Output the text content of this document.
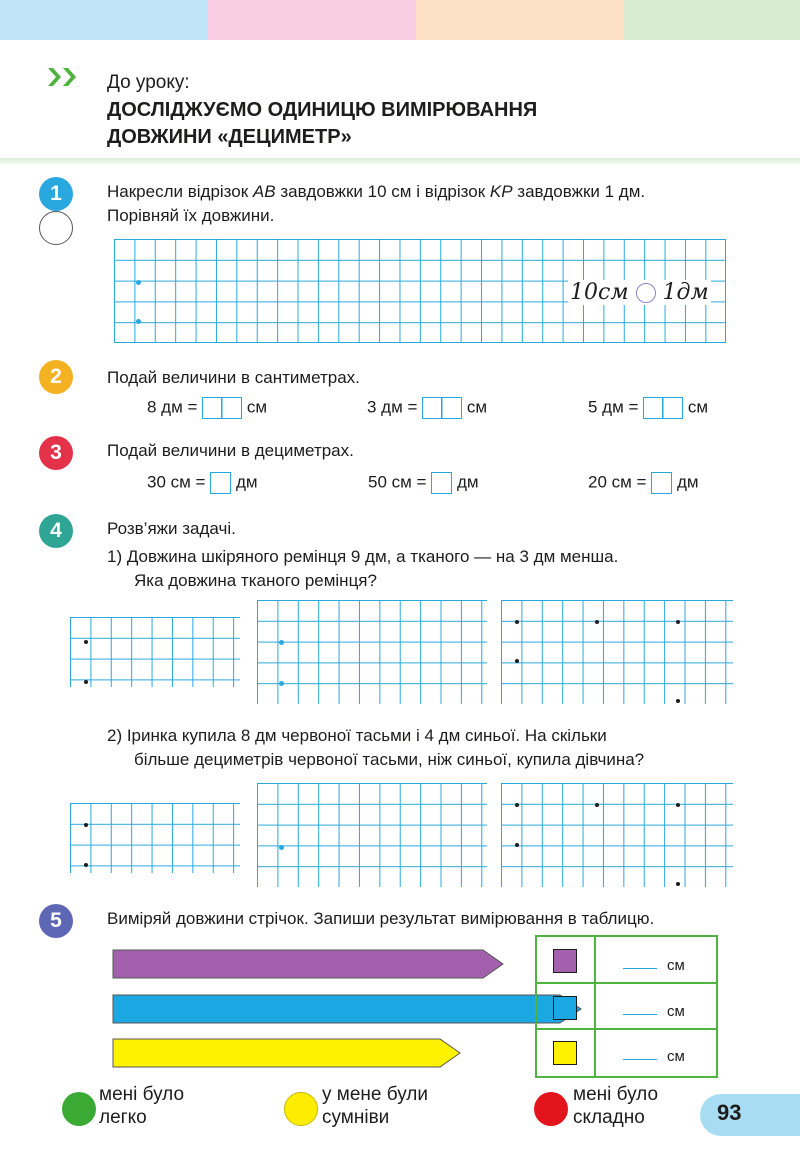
До уроку:
ДОСЛІДЖУЄМО ОДИНИЦЮ ВИМІРЮВАННЯ
ДОВЖИНИ «ДЕЦИМЕТР»
1	Накресли відрізок AB завдовжки 10 см і відрізок KP завдовжки 1 дм.
Порівняй їх довжини.
10см 1дм
2	Подай величини в сантиметрах.
8 дм =	см	3 дм =	см	5 дм =	см
3	Подай величини в дециметрах.
30 см =  дм	50 см =  дм	20 см =  дм
4	Розв’яжи задачі.
1) Довжина шкіряного ремінця 9 дм, а тканого — на 3 дм менша.
Яка довжина тканого ремінця?
2) Іринка купила 8 дм червоної тасьми і 4 дм синьої. На скільки
більше дециметрів червоної тасьми, ніж синьої, купила дівчина?
5	Виміряй довжини стрічок. Запиши результат вимірювання в таблицю.
см
см
см
мені було
легко
у мене були
сумніви
мені було
складно	93
